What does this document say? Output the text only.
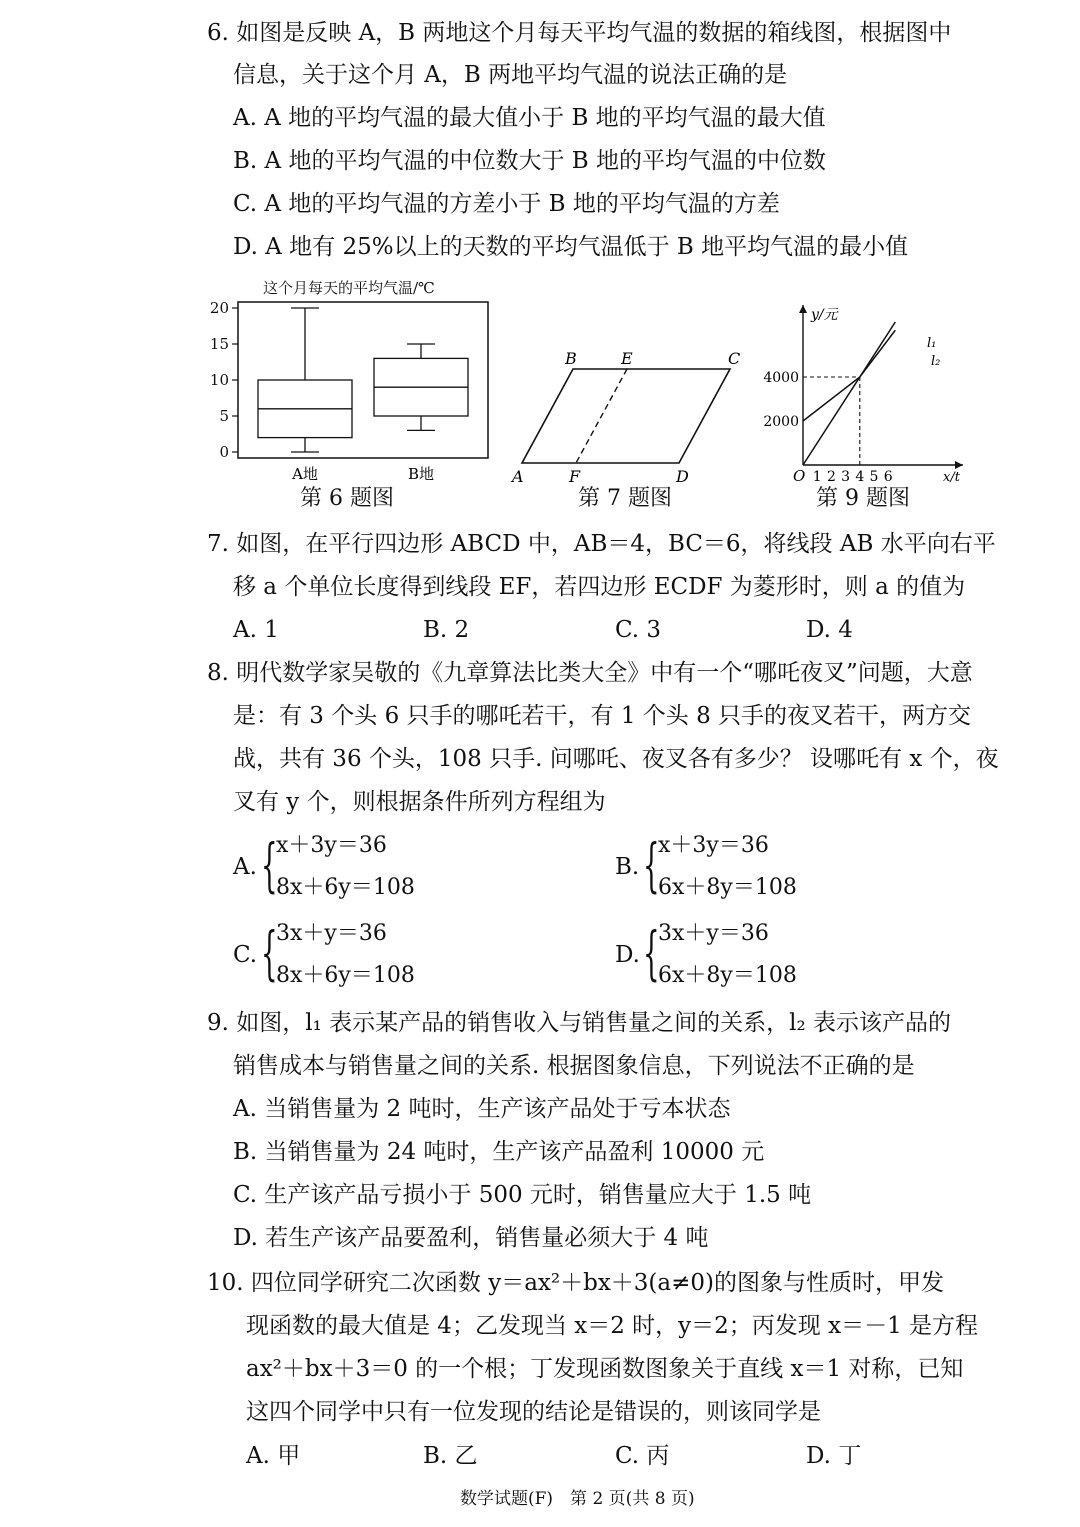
6. 如图是反映 A，B 两地这个月每天平均气温的数据的箱线图，根据图中
信息，关于这个月 A，B 两地平均气温的说法正确的是
A. A 地的平均气温的最大值小于 B 地的平均气温的最大值
B. A 地的平均气温的中位数大于 B 地的平均气温的中位数
C. A 地的平均气温的方差小于 B 地的平均气温的方差
D. A 地有 25%以上的天数的平均气温低于 B 地平均气温的最小值
这个月每天的平均气温/℃
0
5
10
15
20
A地	B地
第 6 题图
B	E	C
A	F	D
第 7 题图
1 2 3 4 5 6
2000
4000
y/元
x/t
O
l₁
l₂
第 9 题图
7. 如图，在平行四边形 ABCD 中，AB＝4，BC＝6，将线段 AB 水平向右平
移 a 个单位长度得到线段 EF，若四边形 ECDF 为菱形时，则 a 的值为
A. 1	B. 2	C. 3	D. 4
8. 明代数学家吴敬的《九章算法比类大全》中有一个“哪吒夜叉”问题，大意
是：有 3 个头 6 只手的哪吒若干，有 1 个头 8 只手的夜叉若干，两方交
战，共有 36 个头，108 只手. 问哪吒、夜叉各有多少？ 设哪吒有 x 个，夜
叉有 y 个，则根据条件所列方程组为
A. {
x＋3y＝36
8x＋6y＝108
B. {
x＋3y＝36
6x＋8y＝108
C. {
3x＋y＝36
8x＋6y＝108
D. {
3x＋y＝36
6x＋8y＝108
9. 如图，l₁ 表示某产品的销售收入与销售量之间的关系，l₂ 表示该产品的
销售成本与销售量之间的关系. 根据图象信息，下列说法不正确的是
A. 当销售量为 2 吨时，生产该产品处于亏本状态
B. 当销售量为 24 吨时，生产该产品盈利 10000 元
C. 生产该产品亏损小于 500 元时，销售量应大于 1.5 吨
D. 若生产该产品要盈利，销售量必须大于 4 吨
10. 四位同学研究二次函数 y＝ax²＋bx＋3(a≠0)的图象与性质时，甲发
现函数的最大值是 4；乙发现当 x＝2 时，y＝2；丙发现 x＝－1 是方程
ax²＋bx＋3＝0 的一个根；丁发现函数图象关于直线 x＝1 对称，已知
这四个同学中只有一位发现的结论是错误的，则该同学是
A. 甲	B. 乙	C. 丙	D. 丁
数学试题(F)　第 2 页(共 8 页)
